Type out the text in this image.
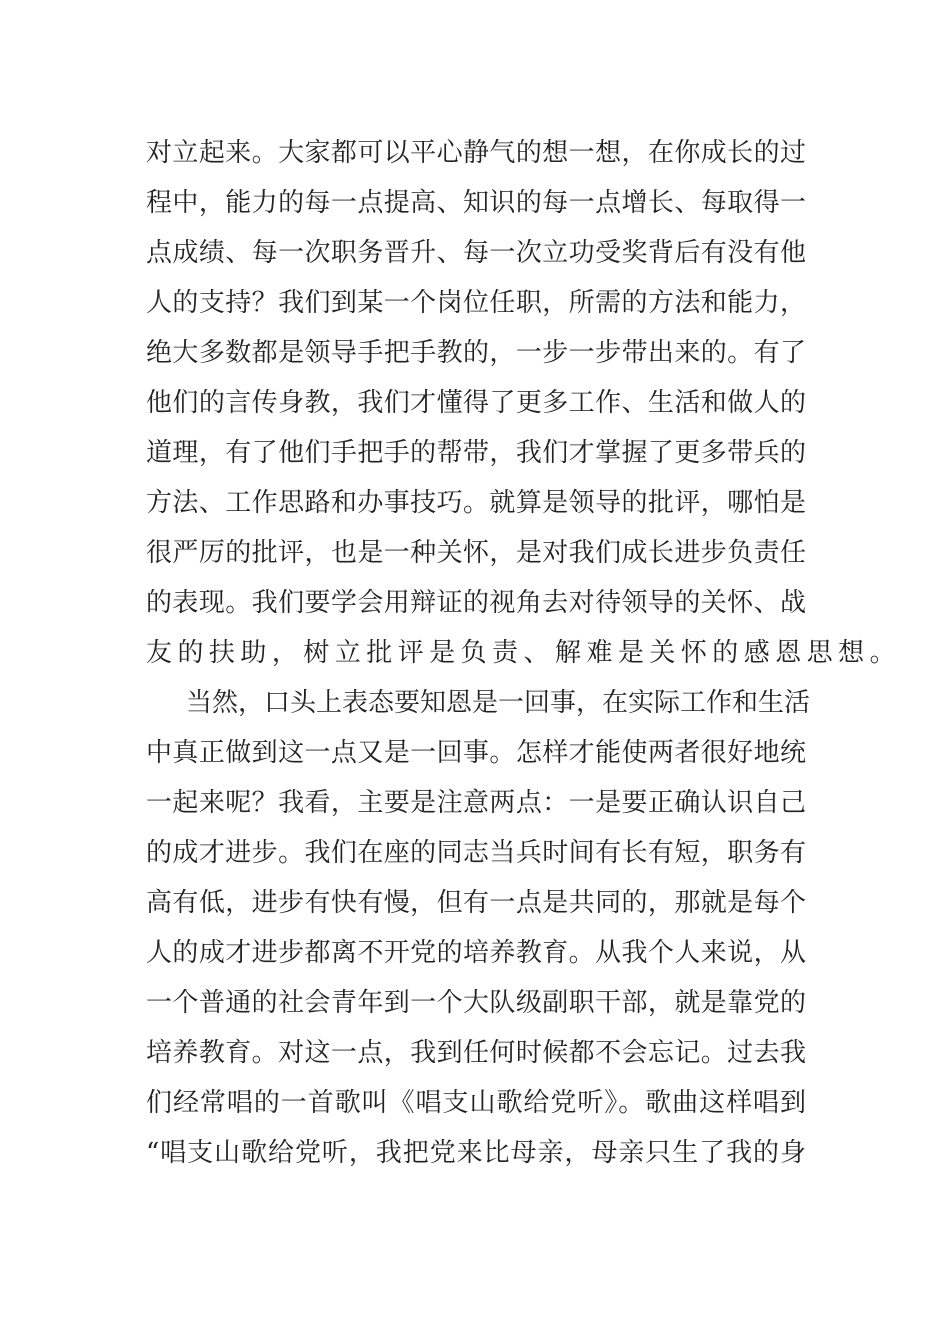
对立起来。大家都可以平心静气的想一想，在你成长的过
程中，能力的每一点提高、知识的每一点增长、每取得一
点成绩、每一次职务晋升、每一次立功受奖背后有没有他
人的支持？我们到某一个岗位任职，所需的方法和能力，
绝大多数都是领导手把手教的，一步一步带出来的。有了
他们的言传身教，我们才懂得了更多工作、生活和做人的
道理，有了他们手把手的帮带，我们才掌握了更多带兵的
方法、工作思路和办事技巧。就算是领导的批评，哪怕是
很严厉的批评，也是一种关怀，是对我们成长进步负责任
的表现。我们要学会用辩证的视角去对待领导的关怀、战
友的扶助，树立批评是负责、解难是关怀的感恩思想。
当然，口头上表态要知恩是一回事，在实际工作和生活
中真正做到这一点又是一回事。怎样才能使两者很好地统
一起来呢？我看，主要是注意两点：一是要正确认识自己
的成才进步。我们在座的同志当兵时间有长有短，职务有
高有低，进步有快有慢，但有一点是共同的，那就是每个
人的成才进步都离不开党的培养教育。从我个人来说，从
一个普通的社会青年到一个大队级副职干部，就是靠党的
培养教育。对这一点，我到任何时候都不会忘记。过去我
们经常唱的一首歌叫《唱支山歌给党听》。歌曲这样唱到
“唱支山歌给党听，我把党来比母亲，母亲只生了我的身
